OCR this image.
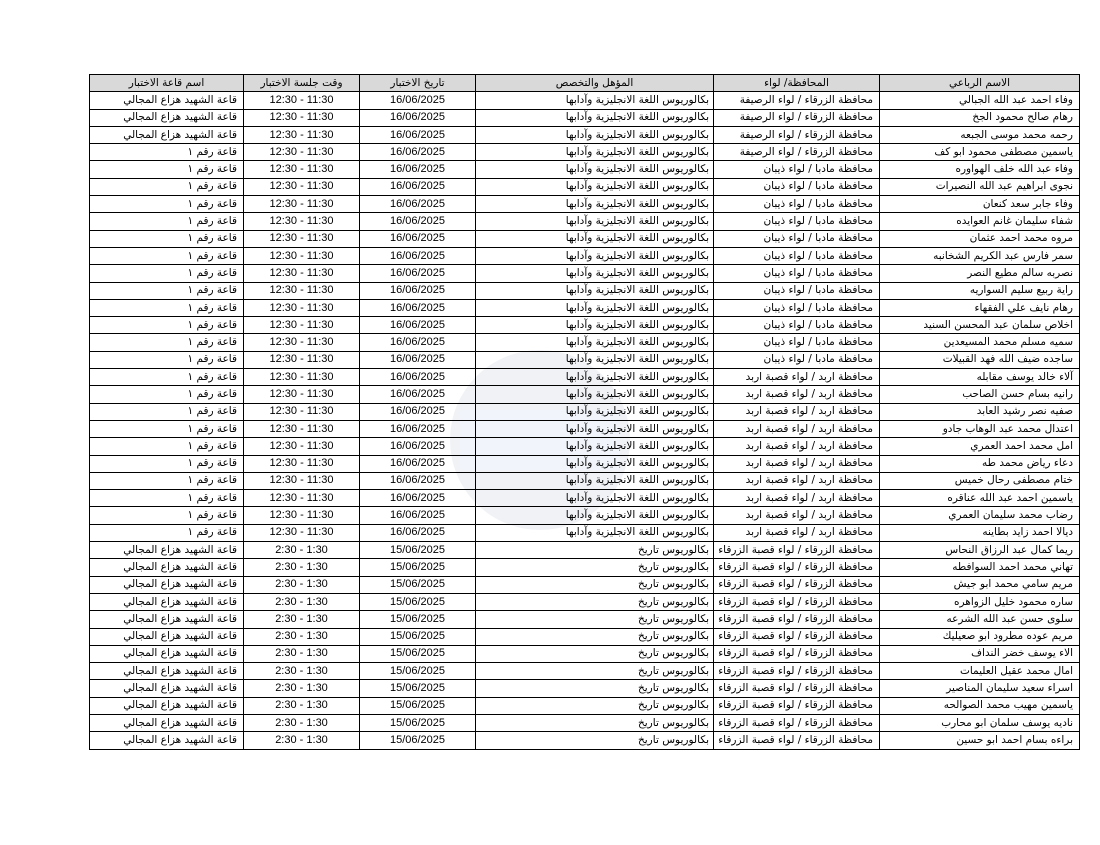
الاسم الرباعي	المحافظة/ لواء	المؤهل والتخصص	تاريخ الاختبار	وقت جلسة الاختبار	اسم قاعة الاختبار
وفاء احمد عبد الله الجبالي	محافظة الزرقاء / لواء الرصيفة	بكالوريوس اللغة الانجليزية وآدابها	16/06/2025	11:30 - 12:30	قاعة الشهيد هزاع المجالي
رهام صالح محمود الجخ	محافظة الزرقاء / لواء الرصيفة	بكالوريوس اللغة الانجليزية وآدابها	16/06/2025	11:30 - 12:30	قاعة الشهيد هزاع المجالي
رحمه محمد موسى الجبعه	محافظة الزرقاء / لواء الرصيفة	بكالوريوس اللغة الانجليزية وآدابها	16/06/2025	11:30 - 12:30	قاعة الشهيد هزاع المجالي
ياسمين مصطفى محمود ابو كف	محافظة الزرقاء / لواء الرصيفة	بكالوريوس اللغة الانجليزية وآدابها	16/06/2025	11:30 - 12:30	قاعة رقم ١
وفاء عبد الله خلف الهواوره	محافظة مادبا / لواء ذيبان	بكالوريوس اللغة الانجليزية وآدابها	16/06/2025	11:30 - 12:30	قاعة رقم ١
نجوى ابراهيم عبد الله النصيرات	محافظة مادبا / لواء ذيبان	بكالوريوس اللغة الانجليزية وآدابها	16/06/2025	11:30 - 12:30	قاعة رقم ١
وفاء جابر سعد كنعان	محافظة مادبا / لواء ذيبان	بكالوريوس اللغة الانجليزية وآدابها	16/06/2025	11:30 - 12:30	قاعة رقم ١
شفاء سليمان غانم العوايده	محافظة مادبا / لواء ذيبان	بكالوريوس اللغة الانجليزية وآدابها	16/06/2025	11:30 - 12:30	قاعة رقم ١
مروه محمد احمد عثمان	محافظة مادبا / لواء ذيبان	بكالوريوس اللغة الانجليزية وآدابها	16/06/2025	11:30 - 12:30	قاعة رقم ١
سمر فارس عبد الكريم الشخانبه	محافظة مادبا / لواء ذيبان	بكالوريوس اللغة الانجليزية وآدابها	16/06/2025	11:30 - 12:30	قاعة رقم ١
نصربه سالم مطيع النصر	محافظة مادبا / لواء ذيبان	بكالوريوس اللغة الانجليزية وآدابها	16/06/2025	11:30 - 12:30	قاعة رقم ١
راية ربيع سليم السواريه	محافظة مادبا / لواء ذيبان	بكالوريوس اللغة الانجليزية وآدابها	16/06/2025	11:30 - 12:30	قاعة رقم ١
رهام نايف علي الفقهاء	محافظة مادبا / لواء ذيبان	بكالوريوس اللغة الانجليزية وآدابها	16/06/2025	11:30 - 12:30	قاعة رقم ١
اخلاص سلمان عبد المحسن السنيد	محافظة مادبا / لواء ذيبان	بكالوريوس اللغة الانجليزية وآدابها	16/06/2025	11:30 - 12:30	قاعة رقم ١
سميه مسلم محمد المسيعدين	محافظة مادبا / لواء ذيبان	بكالوريوس اللغة الانجليزية وآدابها	16/06/2025	11:30 - 12:30	قاعة رقم ١
ساجده ضيف الله فهد القبيلات	محافظة مادبا / لواء ذيبان	بكالوريوس اللغة الانجليزية وآدابها	16/06/2025	11:30 - 12:30	قاعة رقم ١
آلاء خالد يوسف مقابله	محافظة اربد / لواء قصبة اربد	بكالوريوس اللغة الانجليزية وآدابها	16/06/2025	11:30 - 12:30	قاعة رقم ١
رانيه بسام حسن الصاحب	محافظة اربد / لواء قصبة اربد	بكالوريوس اللغة الانجليزية وآدابها	16/06/2025	11:30 - 12:30	قاعة رقم ١
صفيه نصر رشيد العابد	محافظة اربد / لواء قصبة اربد	بكالوريوس اللغة الانجليزية وآدابها	16/06/2025	11:30 - 12:30	قاعة رقم ١
اعتدال محمد عبد الوهاب جادو	محافظة اربد / لواء قصبة اربد	بكالوريوس اللغة الانجليزية وآدابها	16/06/2025	11:30 - 12:30	قاعة رقم ١
امل محمد احمد العمري	محافظة اربد / لواء قصبة اربد	بكالوريوس اللغة الانجليزية وآدابها	16/06/2025	11:30 - 12:30	قاعة رقم ١
دعاء رياض محمد طه	محافظة اربد / لواء قصبة اربد	بكالوريوس اللغة الانجليزية وآدابها	16/06/2025	11:30 - 12:30	قاعة رقم ١
ختام مصطفى رحال خميس	محافظة اربد / لواء قصبة اربد	بكالوريوس اللغة الانجليزية وآدابها	16/06/2025	11:30 - 12:30	قاعة رقم ١
ياسمين احمد عبد الله عناقره	محافظة اربد / لواء قصبة اربد	بكالوريوس اللغة الانجليزية وآدابها	16/06/2025	11:30 - 12:30	قاعة رقم ١
رضاب محمد سليمان العمري	محافظة اربد / لواء قصبة اربد	بكالوريوس اللغة الانجليزية وآدابها	16/06/2025	11:30 - 12:30	قاعة رقم ١
ديالا احمد زايد بطاينه	محافظة اربد / لواء قصبة اربد	بكالوريوس اللغة الانجليزية وآدابها	16/06/2025	11:30 - 12:30	قاعة رقم ١
ريما كمال عبد الرزاق النحاس	محافظة الزرقاء / لواء قصبة الزرقاء	بكالوريوس تاريخ	15/06/2025	1:30 - 2:30	قاعة الشهيد هزاع المجالي
تهاني محمد احمد السوافطه	محافظة الزرقاء / لواء قصبة الزرقاء	بكالوريوس تاريخ	15/06/2025	1:30 - 2:30	قاعة الشهيد هزاع المجالي
مريم سامي محمد ابو جيش	محافظة الزرقاء / لواء قصبة الزرقاء	بكالوريوس تاريخ	15/06/2025	1:30 - 2:30	قاعة الشهيد هزاع المجالي
ساره محمود خليل الزواهره	محافظة الزرقاء / لواء قصبة الزرقاء	بكالوريوس تاريخ	15/06/2025	1:30 - 2:30	قاعة الشهيد هزاع المجالي
سلوى حسن عبد الله الشرعه	محافظة الزرقاء / لواء قصبة الزرقاء	بكالوريوس تاريخ	15/06/2025	1:30 - 2:30	قاعة الشهيد هزاع المجالي
مريم عوده مطرود ابو صعيليك	محافظة الزرقاء / لواء قصبة الزرقاء	بكالوريوس تاريخ	15/06/2025	1:30 - 2:30	قاعة الشهيد هزاع المجالي
الاء يوسف خضر النداف	محافظة الزرقاء / لواء قصبة الزرقاء	بكالوريوس تاريخ	15/06/2025	1:30 - 2:30	قاعة الشهيد هزاع المجالي
امال محمد عقيل العليمات	محافظة الزرقاء / لواء قصبة الزرقاء	بكالوريوس تاريخ	15/06/2025	1:30 - 2:30	قاعة الشهيد هزاع المجالي
اسراء سعيد سليمان المناصير	محافظة الزرقاء / لواء قصبة الزرقاء	بكالوريوس تاريخ	15/06/2025	1:30 - 2:30	قاعة الشهيد هزاع المجالي
ياسمين مهيب محمد الصوالحه	محافظة الزرقاء / لواء قصبة الزرقاء	بكالوريوس تاريخ	15/06/2025	1:30 - 2:30	قاعة الشهيد هزاع المجالي
ناديه يوسف سلمان ابو محارب	محافظة الزرقاء / لواء قصبة الزرقاء	بكالوريوس تاريخ	15/06/2025	1:30 - 2:30	قاعة الشهيد هزاع المجالي
براءه بسام احمد ابو حسين	محافظة الزرقاء / لواء قصبة الزرقاء	بكالوريوس تاريخ	15/06/2025	1:30 - 2:30	قاعة الشهيد هزاع المجالي
